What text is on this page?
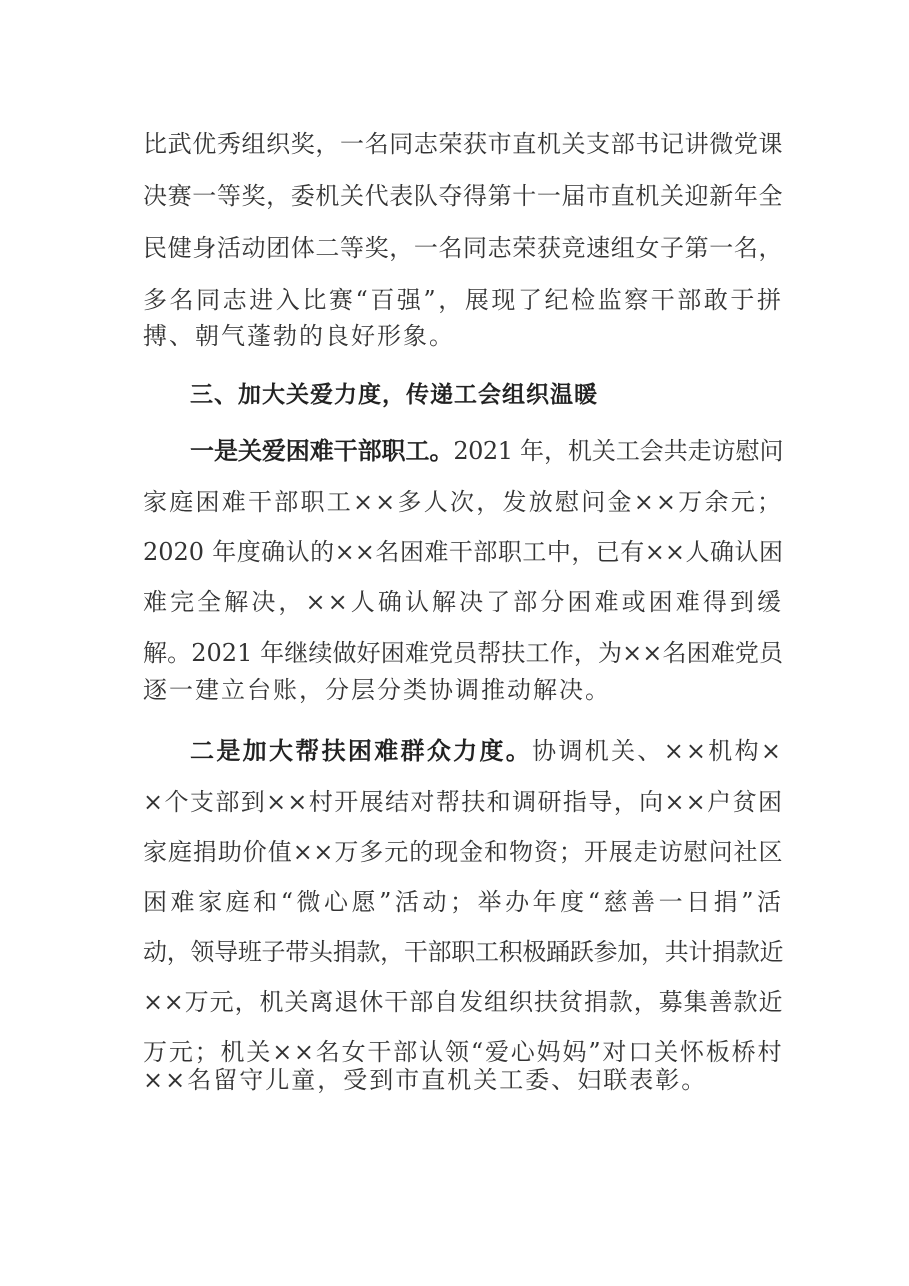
比武优秀组织奖，一名同志荣获市直机关支部书记讲微党课
决赛一等奖，委机关代表队夺得第十一届市直机关迎新年全
民健身活动团体二等奖，一名同志荣获竞速组女子第一名，
多名同志进入比赛“百强”，展现了纪检监察干部敢于拼
搏、朝气蓬勃的良好形象。
三、加大关爱力度，传递工会组织温暖
一是关爱困难干部职工。2021 年，机关工会共走访慰问
家庭困难干部职工××多人次，发放慰问金××万余元；
2020 年度确认的××名困难干部职工中，已有××人确认困
难完全解决，××人确认解决了部分困难或困难得到缓
解。2021 年继续做好困难党员帮扶工作，为××名困难党员
逐一建立台账，分层分类协调推动解决。
二是加大帮扶困难群众力度。协调机关、××机构×
×个支部到××村开展结对帮扶和调研指导，向××户贫困
家庭捐助价值××万多元的现金和物资；开展走访慰问社区
困难家庭和“微心愿”活动；举办年度“慈善一日捐”活
动，领导班子带头捐款，干部职工积极踊跃参加，共计捐款近
××万元，机关离退休干部自发组织扶贫捐款，募集善款近
万元；机关××名女干部认领“爱心妈妈”对口关怀板桥村
××名留守儿童，受到市直机关工委、妇联表彰。
